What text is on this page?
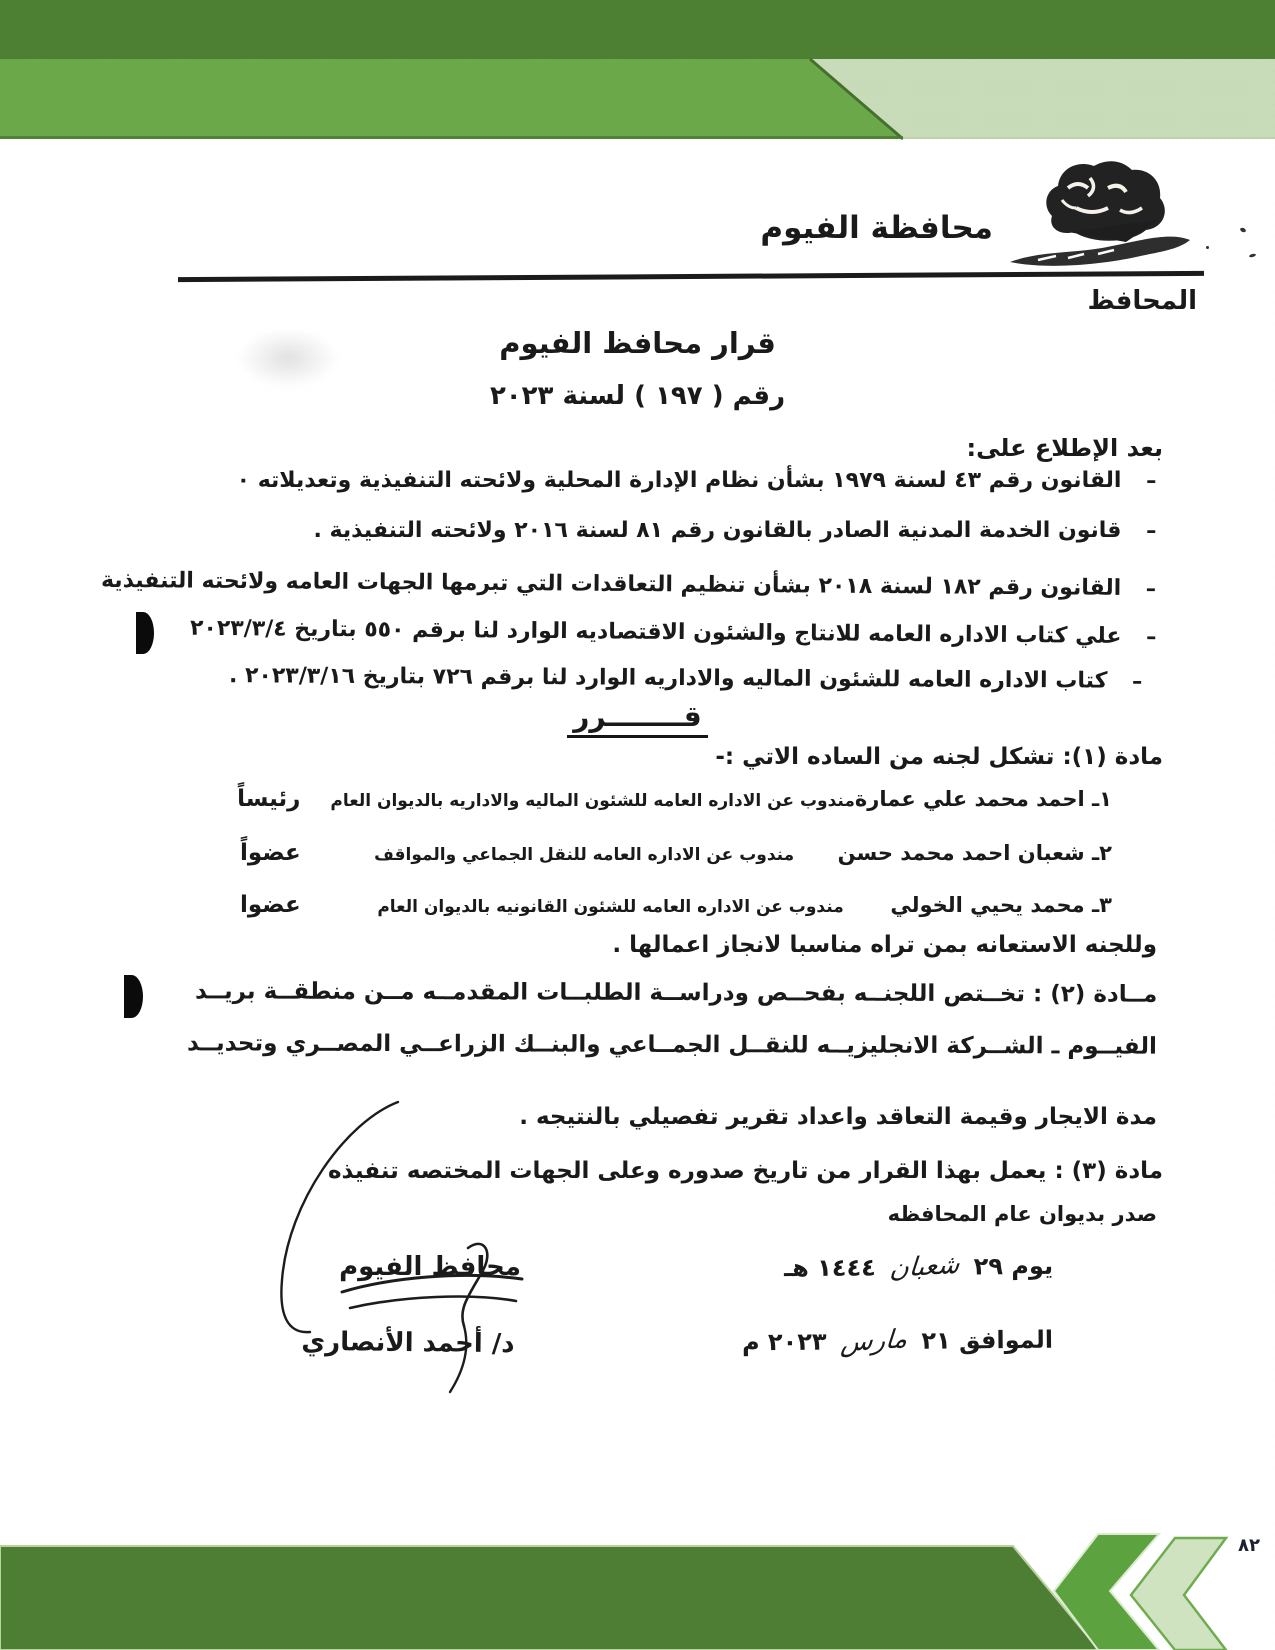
محافظة الفيوم
المحافظ
قرار محافظ الفيوم
رقم ( ١٩٧ ) لسنة ٢٠٢٣
بعد الإطلاع على:
ـالقانون رقم ٤٣ لسنة ١٩٧٩ بشأن نظام الإدارة المحلية ولائحته التنفيذية وتعديلاته ٠
ـقانون الخدمة المدنية الصادر بالقانون رقم ٨١ لسنة ٢٠١٦ ولائحته التنفيذية .
ـالقانون رقم ١٨٢ لسنة ٢٠١٨ بشأن تنظيم التعاقدات التي تبرمها الجهات العامه ولائحته التنفيذية
ـعلي كتاب الاداره العامه للانتاج والشئون الاقتصاديه الوارد لنا برقم ٥٥٠ بتاريخ ٢٠٢٣/٣/٤
ـكتاب الاداره العامه للشئون الماليه والاداريه الوارد لنا برقم ٧٢٦ بتاريخ ٢٠٢٣/٣/١٦ .
قــــــــرر
مادة (١): تشكل لجنه من الساده الاتي :-
١ـ احمد محمد علي عمارة
مندوب عن الاداره العامه للشئون الماليه والاداريه بالديوان العام
رئيساً
٢ـ شعبان احمد محمد حسن
مندوب عن الاداره العامه للنقل الجماعي والمواقف
عضواً
٣ـ محمد يحيي الخولي
مندوب عن الاداره العامه للشئون القانونيه بالديوان العام
عضوا
وللجنه الاستعانه بمن تراه مناسبا لانجاز اعمالها .
مــادة (٢) : تخــتص اللجنــه بفحــص ودراســة الطلبــات المقدمــه مــن منطقــة بريــد
الفيــوم ـ الشــركة الانجليزيــه للنقــل الجمــاعي والبنــك الزراعــي المصــري وتحديــد
مدة الايجار وقيمة التعاقد واعداد تقرير تفصيلي بالنتيجه .
مادة (٣) : يعمل بهذا القرار من تاريخ صدوره وعلى الجهات المختصه تنفيذه
صدر بديوان عام المحافظه
يوم ٢٩ شعبان ١٤٤٤ هـ
الموافق ٢١ مارس ٢٠٢٣ م
محافظ الفيوم
د/ أحمد الأنصاري
٨٢
